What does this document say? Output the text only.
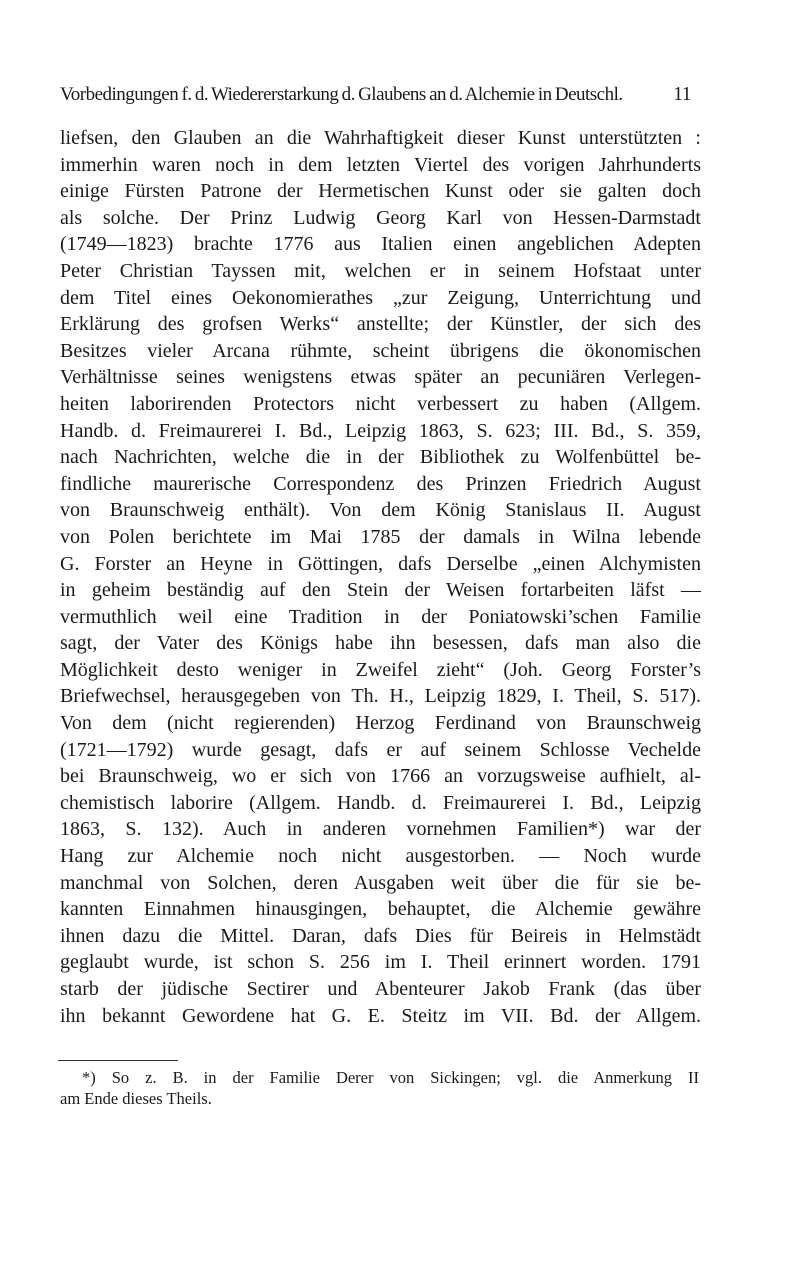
Vorbedingungen f. d. Wiedererstarkung d. Glaubens an d. Alchemie in Deutschl.	11
liefsen, den Glauben an die Wahrhaftigkeit dieser Kunst unterstützten :
immerhin waren noch in dem letzten Viertel des vorigen Jahrhunderts
einige Fürsten Patrone der Hermetischen Kunst oder sie galten doch
als solche. Der Prinz Ludwig Georg Karl von Hessen-Darmstadt
(1749—1823) brachte 1776 aus Italien einen angeblichen Adepten
Peter Christian Tayssen mit, welchen er in seinem Hofstaat unter
dem Titel eines Oekonomierathes „zur Zeigung, Unterrichtung und
Erklärung des grofsen Werks“ anstellte; der Künstler, der sich des
Besitzes vieler Arcana rühmte, scheint übrigens die ökonomischen
Verhältnisse seines wenigstens etwas später an pecuniären Verlegen-
heiten laborirenden Protectors nicht verbessert zu haben (Allgem.
Handb. d. Freimaurerei I. Bd., Leipzig 1863, S. 623; III. Bd., S. 359,
nach Nachrichten, welche die in der Bibliothek zu Wolfenbüttel be-
findliche maurerische Correspondenz des Prinzen Friedrich August
von Braunschweig enthält). Von dem König Stanislaus II. August
von Polen berichtete im Mai 1785 der damals in Wilna lebende
G. Forster an Heyne in Göttingen, dafs Derselbe „einen Alchymisten
in geheim beständig auf den Stein der Weisen fortarbeiten läfst —
vermuthlich weil eine Tradition in der Poniatowski’schen Familie
sagt, der Vater des Königs habe ihn besessen, dafs man also die
Möglichkeit desto weniger in Zweifel zieht“ (Joh. Georg Forster’s
Briefwechsel, herausgegeben von Th. H., Leipzig 1829, I. Theil, S. 517).
Von dem (nicht regierenden) Herzog Ferdinand von Braunschweig
(1721—1792) wurde gesagt, dafs er auf seinem Schlosse Vechelde
bei Braunschweig, wo er sich von 1766 an vorzugsweise aufhielt, al-
chemistisch laborire (Allgem. Handb. d. Freimaurerei I. Bd., Leipzig
1863, S. 132). Auch in anderen vornehmen Familien*) war der
Hang zur Alchemie noch nicht ausgestorben. — Noch wurde
manchmal von Solchen, deren Ausgaben weit über die für sie be-
kannten Einnahmen hinausgingen, behauptet, die Alchemie gewähre
ihnen dazu die Mittel. Daran, dafs Dies für Beireis in Helmstädt
geglaubt wurde, ist schon S. 256 im I. Theil erinnert worden. 1791
starb der jüdische Sectirer und Abenteurer Jakob Frank (das über
ihn bekannt Gewordene hat G. E. Steitz im VII. Bd. der Allgem.
*) So z. B. in der Familie Derer von Sickingen; vgl. die Anmerkung II
am Ende dieses Theils.
